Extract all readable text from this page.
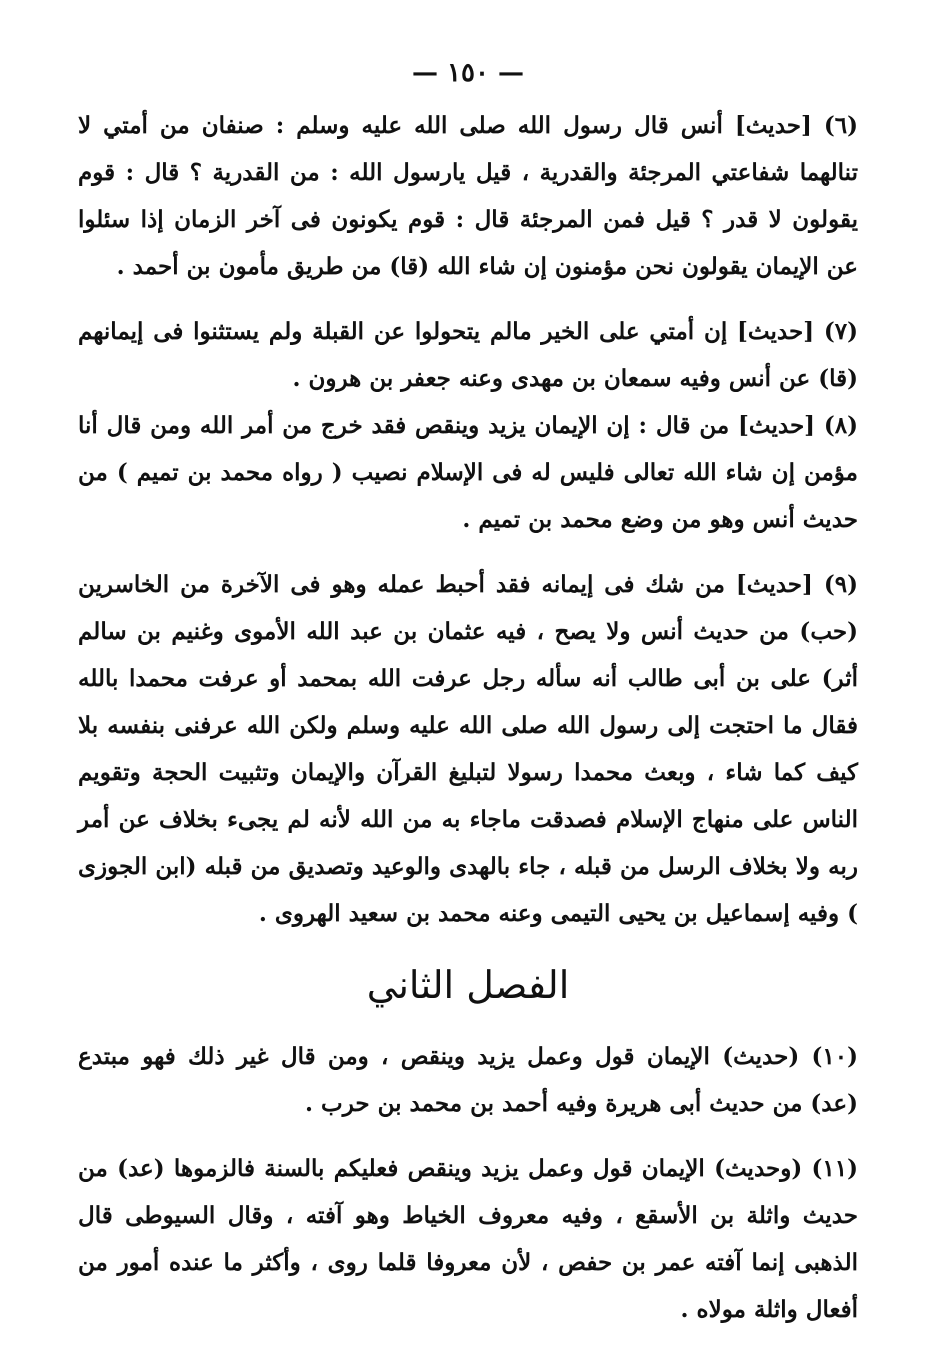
— ١٥٠ —

(٦) [حديث] أنس قال رسول الله صلى الله عليه وسلم : صنفان من أمتي لا تنالهما شفاعتي المرجئة والقدرية ، قيل يارسول الله : من القدرية ؟ قال : قوم يقولون لا قدر ؟ قيل فمن المرجئة قال : قوم يكونون فى آخر الزمان إذا سئلوا عن الإيمان يقولون نحن مؤمنون إن شاء الله (قا) من طريق مأمون بن أحمد .

(٧) [حديث] إن أمتي على الخير مالم يتحولوا عن القبلة ولم يستثنوا فى إيمانهم (قا) عن أنس وفيه سمعان بن مهدى وعنه جعفر بن هرون .

(٨) [حديث] من قال : إن الإيمان يزيد وينقص فقد خرج من أمر الله ومن قال أنا مؤمن إن شاء الله تعالى فليس له فى الإسلام نصيب ( رواه محمد بن تميم ) من حديث أنس وهو من وضع محمد بن تميم .

(٩) [حديث] من شك فى إيمانه فقد أحبط عمله وهو فى الآخرة من الخاسرين (حب) من حديث أنس ولا يصح ، فيه عثمان بن عبد الله الأموى وغنيم بن سالم أثر) على بن أبى طالب أنه سأله رجل عرفت الله بمحمد أو عرفت محمدا بالله فقال ما احتجت إلى رسول الله صلى الله عليه وسلم ولكن الله عرفنى بنفسه بلا كيف كما شاء ، وبعث محمدا رسولا لتبليغ القرآن والإيمان وتثبيت الحجة وتقويم الناس على منهاج الإسلام فصدقت ماجاء به من الله لأنه لم يجىء بخلاف عن أمر ربه ولا بخلاف الرسل من قبله ، جاء بالهدى والوعيد وتصديق من قبله (ابن الجوزى ) وفيه إسماعيل بن يحيى التيمى وعنه محمد بن سعيد الهروى .

الفصل الثاني

(١٠) (حديث) الإيمان قول وعمل يزيد وينقص ، ومن قال غير ذلك فهو مبتدع (عد) من حديث أبى هريرة وفيه أحمد بن محمد بن حرب .

(١١) (وحديث) الإيمان قول وعمل يزيد وينقص فعليكم بالسنة فالزموها (عد) من حديث واثلة بن الأسقع ، وفيه معروف الخياط وهو آفته ، وقال السيوطى قال الذهبى إنما آفته عمر بن حفص ، لأن معروفا قلما روى ، وأكثر ما عنده أمور من أفعال واثلة مولاه .
